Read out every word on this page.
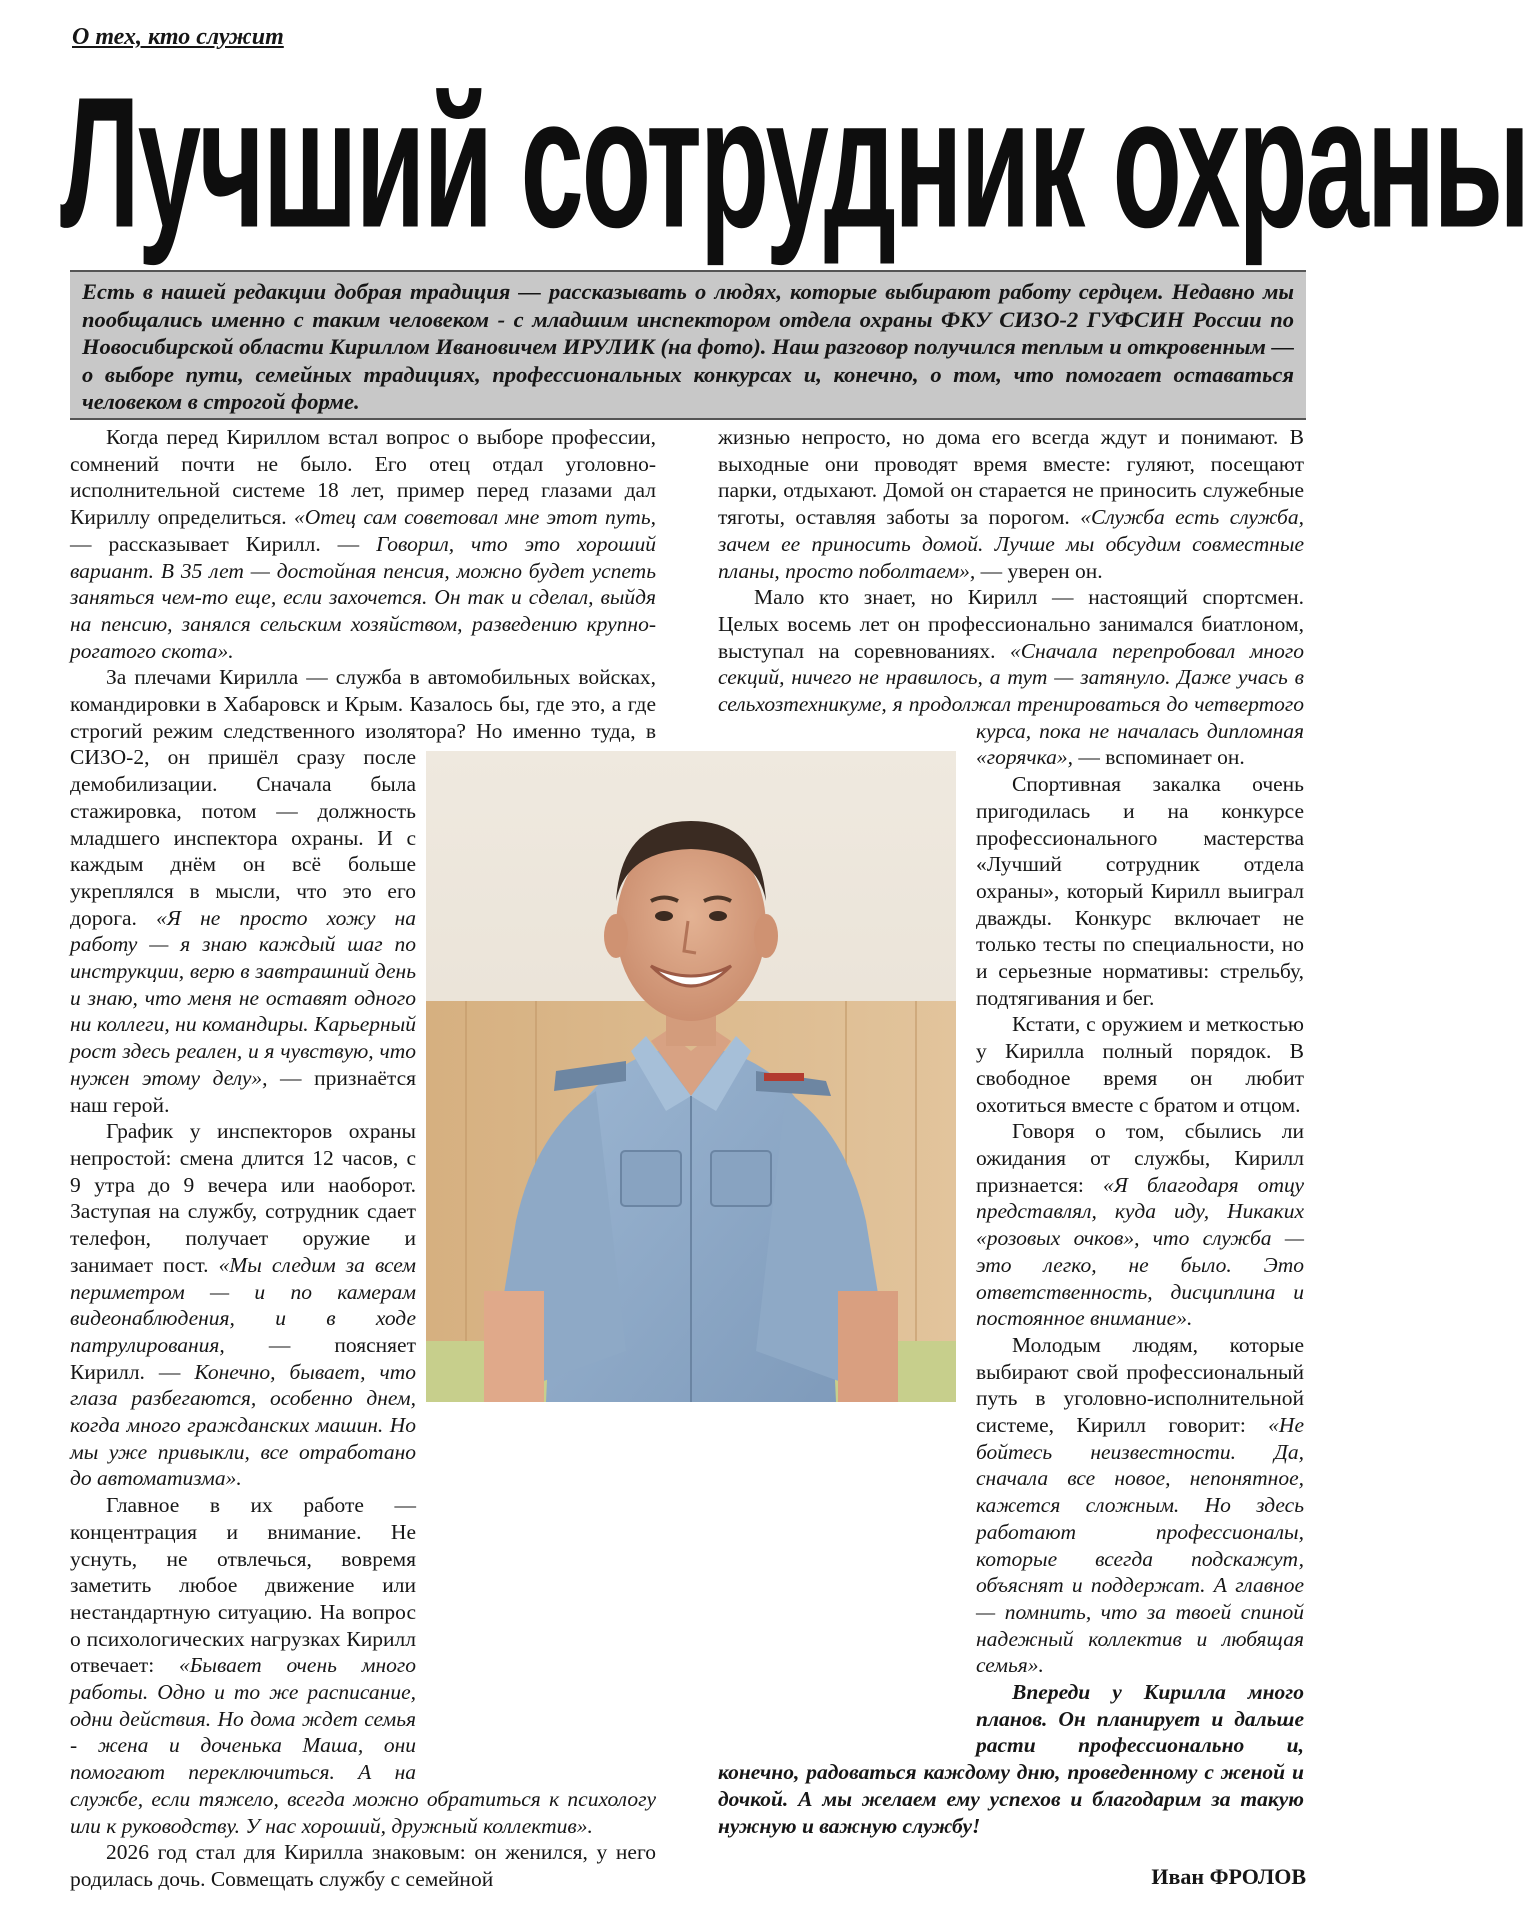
О тех, кто служит

Лучший сотрудник охраны

Есть в нашей редакции добрая традиция — рассказывать о людях, которые выбирают работу сердцем. Недавно мы пообщались именно с таким человеком - с младшим инспектором отдела охраны ФКУ СИЗО-2 ГУФСИН России по Новосибирской области Кириллом Ивановичем ИРУЛИК (на фото). Наш разговор получился теплым и откровенным — о выборе пути, семейных традициях, профессиональных конкурсах и, конечно, о том, что помогает оставаться человеком в строгой форме.

Когда перед Кириллом встал вопрос о выборе профессии, сомнений почти не было. Его отец отдал уголовно-исполнительной системе 18 лет, пример перед глазами дал Кириллу определиться. «Отец сам советовал мне этот путь, — рассказывает Кирилл. — Говорил, что это хороший вариант. В 35 лет — достойная пенсия, можно будет успеть заняться чем-то еще, если захочется. Он так и сделал, выйдя на пенсию, занялся сельским хозяйством, разведению крупно-рогатого скота».

За плечами Кирилла — служба в автомобильных войсках, командировки в Хабаровск и Крым. Казалось бы, где это, а где строгий режим следственного изолятора? Но именно туда, в СИЗО-2, он пришёл сразу после демобилизации. Сначала была стажировка, потом — должность младшего инспектора охраны. И с каждым днём он всё больше укреплялся в мысли, что это его дорога. «Я не просто хожу на работу — я знаю каждый шаг по инструкции, верю в завтрашний день и знаю, что меня не оставят одного ни коллеги, ни командиры. Карьерный рост здесь реален, и я чувствую, что нужен этому делу», — признаётся наш герой.

График у инспекторов охраны непростой: смена длится 12 часов, с 9 утра до 9 вечера или наоборот. Заступая на службу, сотрудник сдает телефон, получает оружие и занимает пост. «Мы следим за всем периметром — и по камерам видеонаблюдения, и в ходе патрулирования, — поясняет Кирилл. — Конечно, бывает, что глаза разбегаются, особенно днем, когда много гражданских машин. Но мы уже привыкли, все отработано до автоматизма».

Главное в их работе — концентрация и внимание. Не уснуть, не отвлечься, вовремя заметить любое движение или нестандартную ситуацию. На вопрос о психологических нагрузках Кирилл отвечает: «Бывает очень много работы. Одно и то же расписание, одни действия. Но дома ждет семья - жена и доченька Маша, они помогают переключиться. А на службе, если тяжело, всегда можно обратиться к психологу или к руководству. У нас хороший, дружный коллектив».

2026 год стал для Кирилла знаковым: он женился, у него родилась дочь. Совмещать службу с семейной

жизнью непросто, но дома его всегда ждут и понимают. В выходные они проводят время вместе: гуляют, посещают парки, отдыхают. Домой он старается не приносить служебные тяготы, оставляя заботы за порогом. «Служба есть служба, зачем ее приносить домой. Лучше мы обсудим совместные планы, просто поболтаем», — уверен он.

Мало кто знает, но Кирилл — настоящий спортсмен. Целых восемь лет он профессионально занимался биатлоном, выступал на соревнованиях. «Сначала перепробовал много секций, ничего не нравилось, а тут — затянуло. Даже учась в сельхозтехникуме, я продолжал тренироваться до четвертого курса, пока не началась дипломная «горячка», — вспоминает он.

Спортивная закалка очень пригодилась и на конкурсе профессионального мастерства «Лучший сотрудник отдела охраны», который Кирилл выиграл дважды. Конкурс включает не только тесты по специальности, но и серьезные нормативы: стрельбу, подтягивания и бег.

Кстати, с оружием и меткостью у Кирилла полный порядок. В свободное время он любит охотиться вместе с братом и отцом.

Говоря о том, сбылись ли ожидания от службы, Кирилл признается: «Я благодаря отцу представлял, куда иду, Никаких «розовых очков», что служба — это легко, не было. Это ответственность, дисциплина и постоянное внимание».

Молодым людям, которые выбирают свой профессиональный путь в уголовно-исполнительной системе, Кирилл говорит: «Не бойтесь неизвестности. Да, сначала все новое, непонятное, кажется сложным. Но здесь работают профессионалы, которые всегда подскажут, объяснят и поддержат. А главное — помнить, что за твоей спиной надежный коллектив и любящая семья».

Впереди у Кирилла много планов. Он планирует и дальше расти профессионально и, конечно, радоваться каждому дню, проведенному с женой и дочкой. А мы желаем ему успехов и благодарим за такую нужную и важную службу!

Иван ФРОЛОВ
